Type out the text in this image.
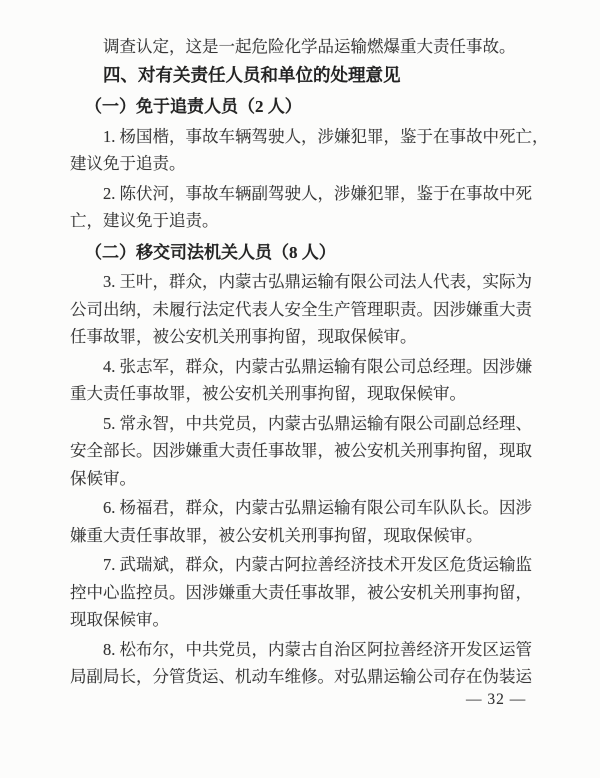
调查认定，这是一起危险化学品运输燃爆重大责任事故。
四、对有关责任人员和单位的处理意见
（一）免于追责人员（2 人）
1. 杨国楷，事故车辆驾驶人，涉嫌犯罪，鉴于在事故中死亡，
建议免于追责。
2. 陈伏河，事故车辆副驾驶人，涉嫌犯罪，鉴于在事故中死
亡，建议免于追责。
（二）移交司法机关人员（8 人）
3. 王叶，群众，内蒙古弘鼎运输有限公司法人代表，实际为
公司出纳，未履行法定代表人安全生产管理职责。因涉嫌重大责
任事故罪，被公安机关刑事拘留，现取保候审。
4. 张志军，群众，内蒙古弘鼎运输有限公司总经理。因涉嫌
重大责任事故罪，被公安机关刑事拘留，现取保候审。
5. 常永智，中共党员，内蒙古弘鼎运输有限公司副总经理、
安全部长。因涉嫌重大责任事故罪，被公安机关刑事拘留，现取
保候审。
6. 杨福君，群众，内蒙古弘鼎运输有限公司车队队长。因涉
嫌重大责任事故罪，被公安机关刑事拘留，现取保候审。
7. 武瑞斌，群众，内蒙古阿拉善经济技术开发区危货运输监
控中心监控员。因涉嫌重大责任事故罪，被公安机关刑事拘留，
现取保候审。
8. 松布尔，中共党员，内蒙古自治区阿拉善经济开发区运管
局副局长，分管货运、机动车维修。对弘鼎运输公司存在伪装运
— 32 —
